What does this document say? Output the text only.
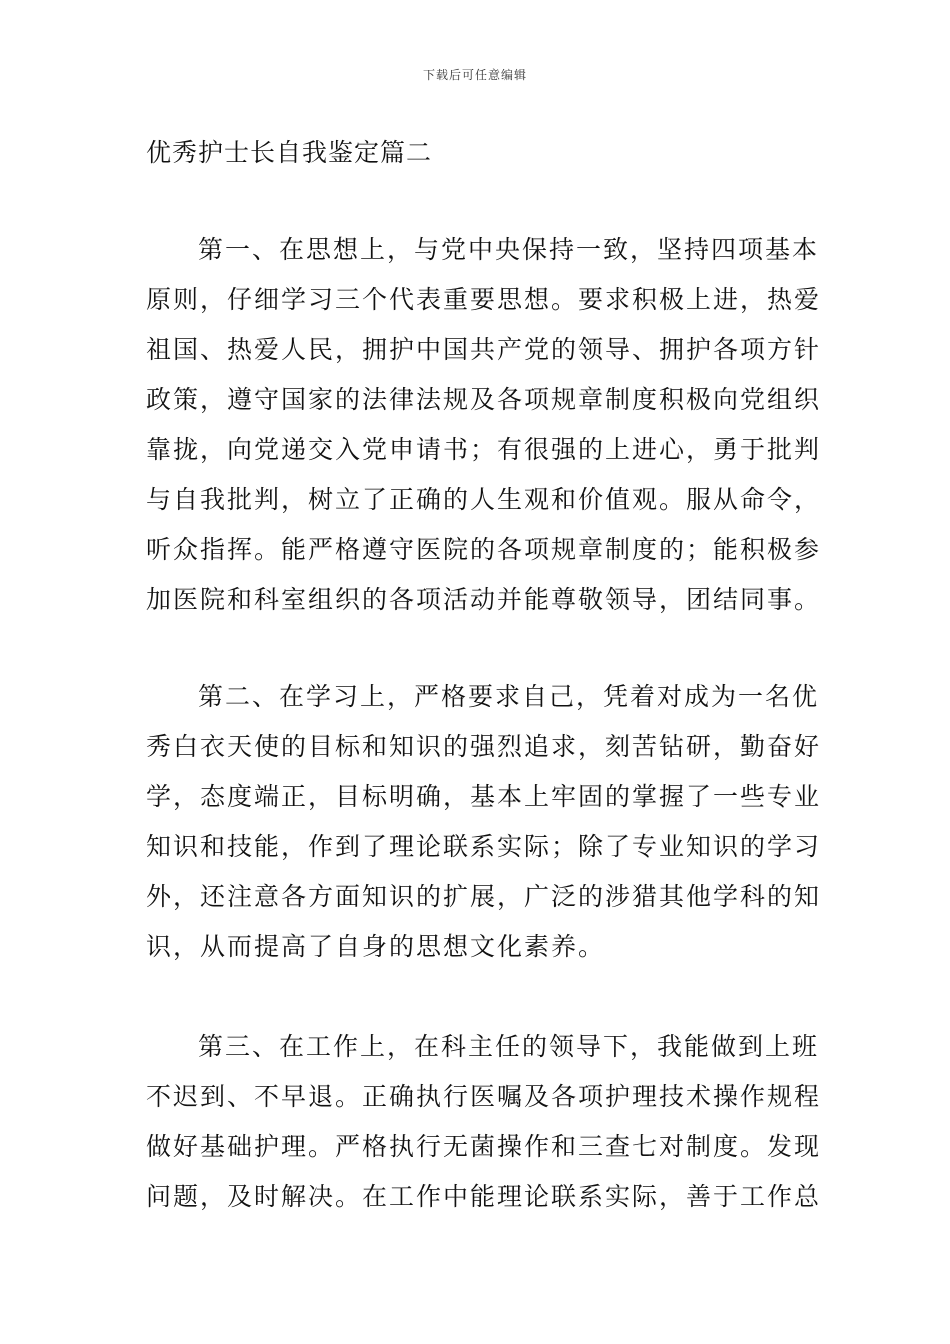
下载后可任意编辑
优秀护士长自我鉴定篇二
第一、在思想上，与党中央保持一致，坚持四项基本
原则，仔细学习三个代表重要思想。要求积极上进，热爱
祖国、热爱人民，拥护中国共产党的领导、拥护各项方针
政策，遵守国家的法律法规及各项规章制度积极向党组织
靠拢，向党递交入党申请书；有很强的上进心，勇于批判
与自我批判，树立了正确的人生观和价值观。服从命令，
听众指挥。能严格遵守医院的各项规章制度的；能积极参
加医院和科室组织的各项活动并能尊敬领导，团结同事。
第二、在学习上，严格要求自己，凭着对成为一名优
秀白衣天使的目标和知识的强烈追求，刻苦钻研，勤奋好
学，态度端正，目标明确，基本上牢固的掌握了一些专业
知识和技能，作到了理论联系实际；除了专业知识的学习
外，还注意各方面知识的扩展，广泛的涉猎其他学科的知
识，从而提高了自身的思想文化素养。
第三、在工作上，在科主任的领导下，我能做到上班
不迟到、不早退。正确执行医嘱及各项护理技术操作规程
做好基础护理。严格执行无菌操作和三查七对制度。发现
问题，及时解决。在工作中能理论联系实际，善于工作总
